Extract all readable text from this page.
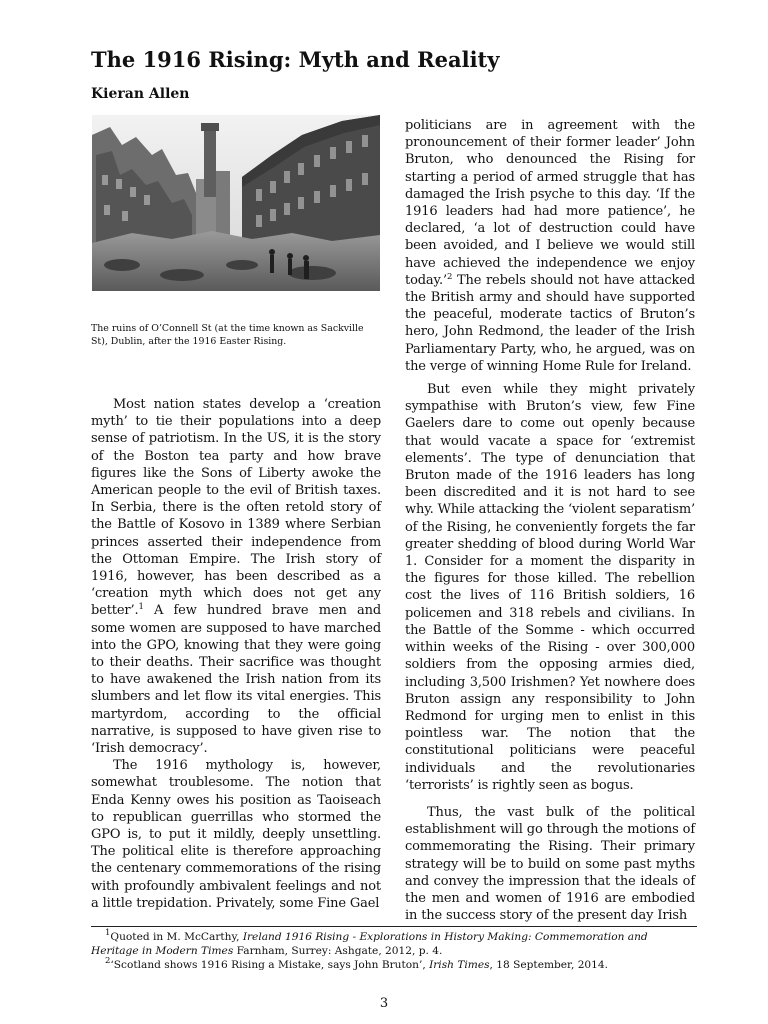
The 1916 Rising: Myth and Reality
Kieran Allen
The ruins of O’Connell St (at the time known as Sackville St), Dublin, after the 1916 Easter Rising.

Most nation states develop a ‘creation myth’ to tie their populations into a deep sense of patriotism. In the US, it is the story of the Boston tea party and how brave figures like the Sons of Liberty awoke the American people to the evil of British taxes. In Serbia, there is the often retold story of the Battle of Kosovo in 1389 where Serbian princes asserted their independence from the Ottoman Empire. The Irish story of 1916, however, has been described as a ‘creation myth which does not get any better’.$^1$ A few hundred brave men and some women are supposed to have marched into the GPO, knowing that they were going to their deaths. Their sacrifice was thought to have awakened the Irish nation from its slumbers and let flow its vital energies. This martyrdom, according to the official narrative, is supposed to have given rise to ‘Irish democracy’.

The 1916 mythology is, however, somewhat troublesome. The notion that Enda Kenny owes his position as Taoiseach to republican guerrillas who stormed the GPO is, to put it mildly, deeply unsettling. The political elite is therefore approaching the centenary commemorations of the rising with profoundly ambivalent feelings and not a little trepidation. Privately, some Fine Gael

politicians are in agreement with the pronouncement of their former leader’ John Bruton, who denounced the Rising for starting a period of armed struggle that has damaged the Irish psyche to this day. ‘If the 1916 leaders had had more patience’, he declared, ‘a lot of destruction could have been avoided, and I believe we would still have achieved the independence we enjoy today.’$^2$ The rebels should not have attacked the British army and should have supported the peaceful, moderate tactics of Bruton’s hero, John Redmond, the leader of the Irish Parliamentary Party, who, he argued, was on the verge of winning Home Rule for Ireland.

But even while they might privately sympathise with Bruton’s view, few Fine Gaelers dare to come out openly because that would vacate a space for ‘extremist elements’. The type of denunciation that Bruton made of the 1916 leaders has long been discredited and it is not hard to see why. While attacking the ‘violent separatism’ of the Rising, he conveniently forgets the far greater shedding of blood during World War 1. Consider for a moment the disparity in the figures for those killed. The rebellion cost the lives of 116 British soldiers, 16 policemen and 318 rebels and civilians. In the Battle of the Somme - which occurred within weeks of the Rising - over 300,000 soldiers from the opposing armies died, including 3,500 Irishmen? Yet nowhere does Bruton assign any responsibility to John Redmond for urging men to enlist in this pointless war. The notion that the constitutional politicians were peaceful individuals and the revolutionaries ‘terrorists’ is rightly seen as bogus.

Thus, the vast bulk of the political establishment will go through the motions of commemorating the Rising. Their primary strategy will be to build on some past myths and convey the impression that the ideals of the men and women of 1916 are embodied in the success story of the present day Irish

$^1$Quoted in M. McCarthy, Ireland 1916 Rising - Explorations in History Making: Commemoration and Heritage in Modern Times Farnham, Surrey: Ashgate, 2012, p. 4.

$^2$‘Scotland shows 1916 Rising a Mistake, says John Bruton’, Irish Times, 18 September, 2014.

3
